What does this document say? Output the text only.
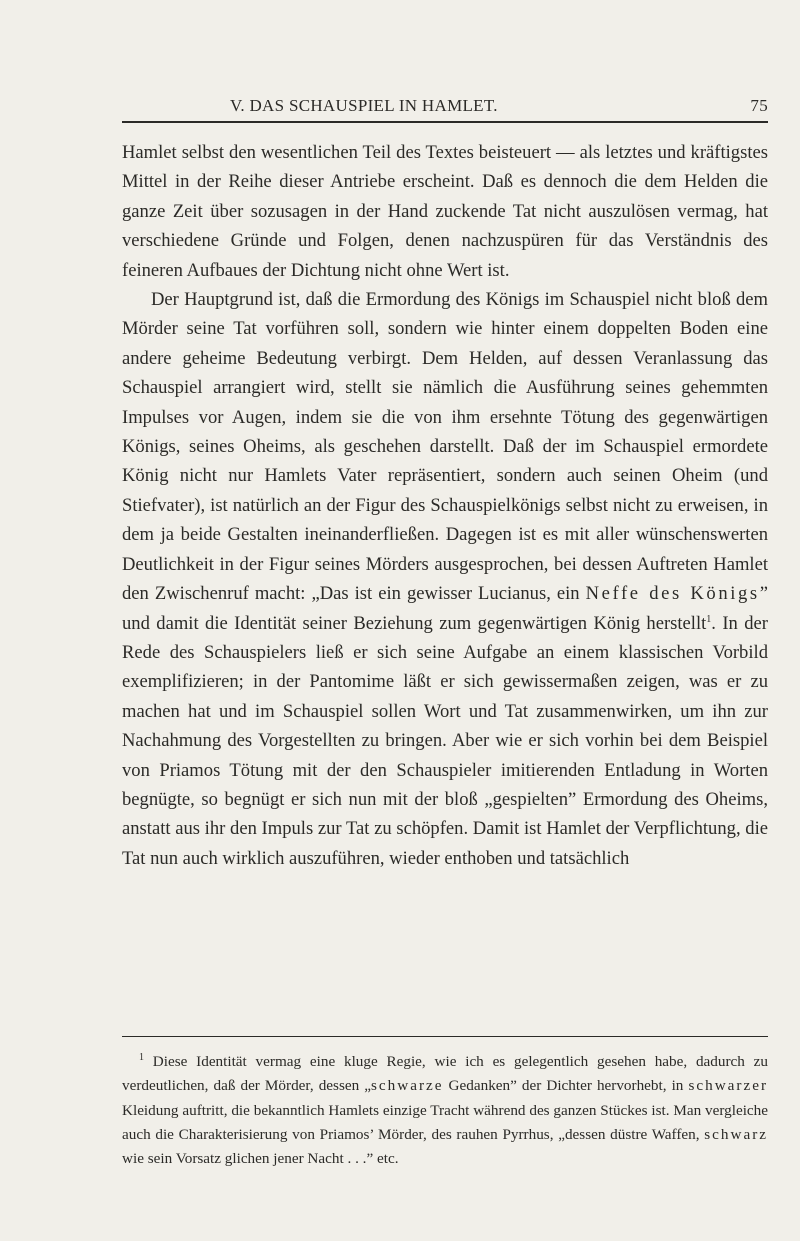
V. DAS SCHAUSPIEL IN HAMLET.	75

Hamlet selbst den wesentlichen Teil des Textes beisteuert — als letztes und kräftigstes Mittel in der Reihe dieser Antriebe erscheint. Daß es dennoch die dem Helden die ganze Zeit über sozusagen in der Hand zuckende Tat nicht auszulösen vermag, hat verschiedene Gründe und Folgen, denen nachzuspüren für das Verständnis des feineren Aufbaues der Dichtung nicht ohne Wert ist.

Der Hauptgrund ist, daß die Ermordung des Königs im Schauspiel nicht bloß dem Mörder seine Tat vorführen soll, sondern wie hinter einem doppelten Boden eine andere geheime Bedeutung verbirgt. Dem Helden, auf dessen Veranlassung das Schauspiel arrangiert wird, stellt sie nämlich die Ausführung seines gehemmten Impulses vor Augen, indem sie die von ihm ersehnte Tötung des gegenwärtigen Königs, seines Oheims, als geschehen darstellt. Daß der im Schauspiel ermordete König nicht nur Hamlets Vater repräsentiert, sondern auch seinen Oheim (und Stiefvater), ist natürlich an der Figur des Schauspielkönigs selbst nicht zu erweisen, in dem ja beide Gestalten ineinanderfließen. Dagegen ist es mit aller wünschenswerten Deutlichkeit in der Figur seines Mörders ausgesprochen, bei dessen Auftreten Hamlet den Zwischenruf macht: „Das ist ein gewisser Lucianus, ein Neffe des Königs” und damit die Identität seiner Beziehung zum gegenwärtigen König herstellt$^1$. In der Rede des Schauspielers ließ er sich seine Aufgabe an einem klassischen Vorbild exemplifizieren; in der Pantomime läßt er sich gewissermaßen zeigen, was er zu machen hat und im Schauspiel sollen Wort und Tat zusammenwirken, um ihn zur Nachahmung des Vorgestellten zu bringen. Aber wie er sich vorhin bei dem Beispiel von Priamos Tötung mit der den Schauspieler imitierenden Entladung in Worten begnügte, so begnügt er sich nun mit der bloß „gespielten” Ermordung des Oheims, anstatt aus ihr den Impuls zur Tat zu schöpfen. Damit ist Hamlet der Verpflichtung, die Tat nun auch wirklich auszuführen, wieder enthoben und tatsächlich

$^1$ Diese Identität vermag eine kluge Regie, wie ich es gelegentlich gesehen habe, dadurch zu verdeutlichen, daß der Mörder, dessen „schwarze Gedanken” der Dichter hervorhebt, in schwarzer Kleidung auftritt, die bekanntlich Hamlets einzige Tracht während des ganzen Stückes ist. Man vergleiche auch die Charakterisierung von Priamos’ Mörder, des rauhen Pyrrhus, „dessen düstre Waffen, schwarz wie sein Vorsatz glichen jener Nacht . . .” etc.
